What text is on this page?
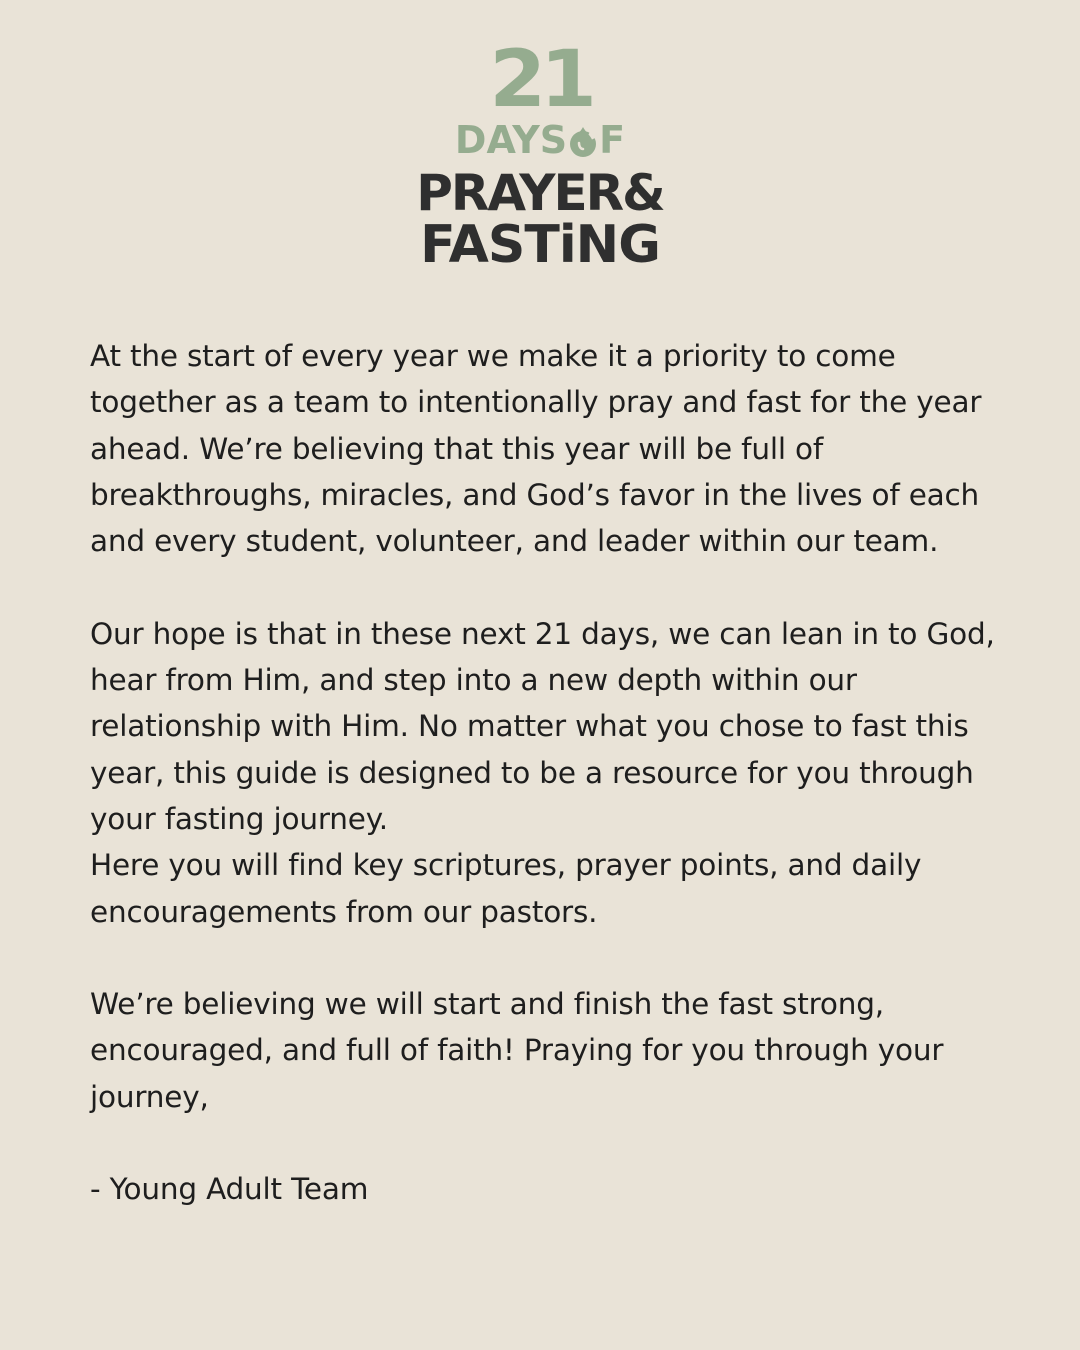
21
DAYS F
PRAYER&
FASTiNG

At the start of every year we make it a priority to come
together as a team to intentionally pray and fast for the year
ahead. We’re believing that this year will be full of
breakthroughs, miracles, and God’s favor in the lives of each
and every student, volunteer, and leader within our team.

Our hope is that in these next 21 days, we can lean in to God,
hear from Him, and step into a new depth within our
relationship with Him. No matter what you chose to fast this
year, this guide is designed to be a resource for you through
your fasting journey.

Here you will find key scriptures, prayer points, and daily
encouragements from our pastors.

We’re believing we will start and finish the fast strong,
encouraged, and full of faith! Praying for you through your
journey,

- Young Adult Team
